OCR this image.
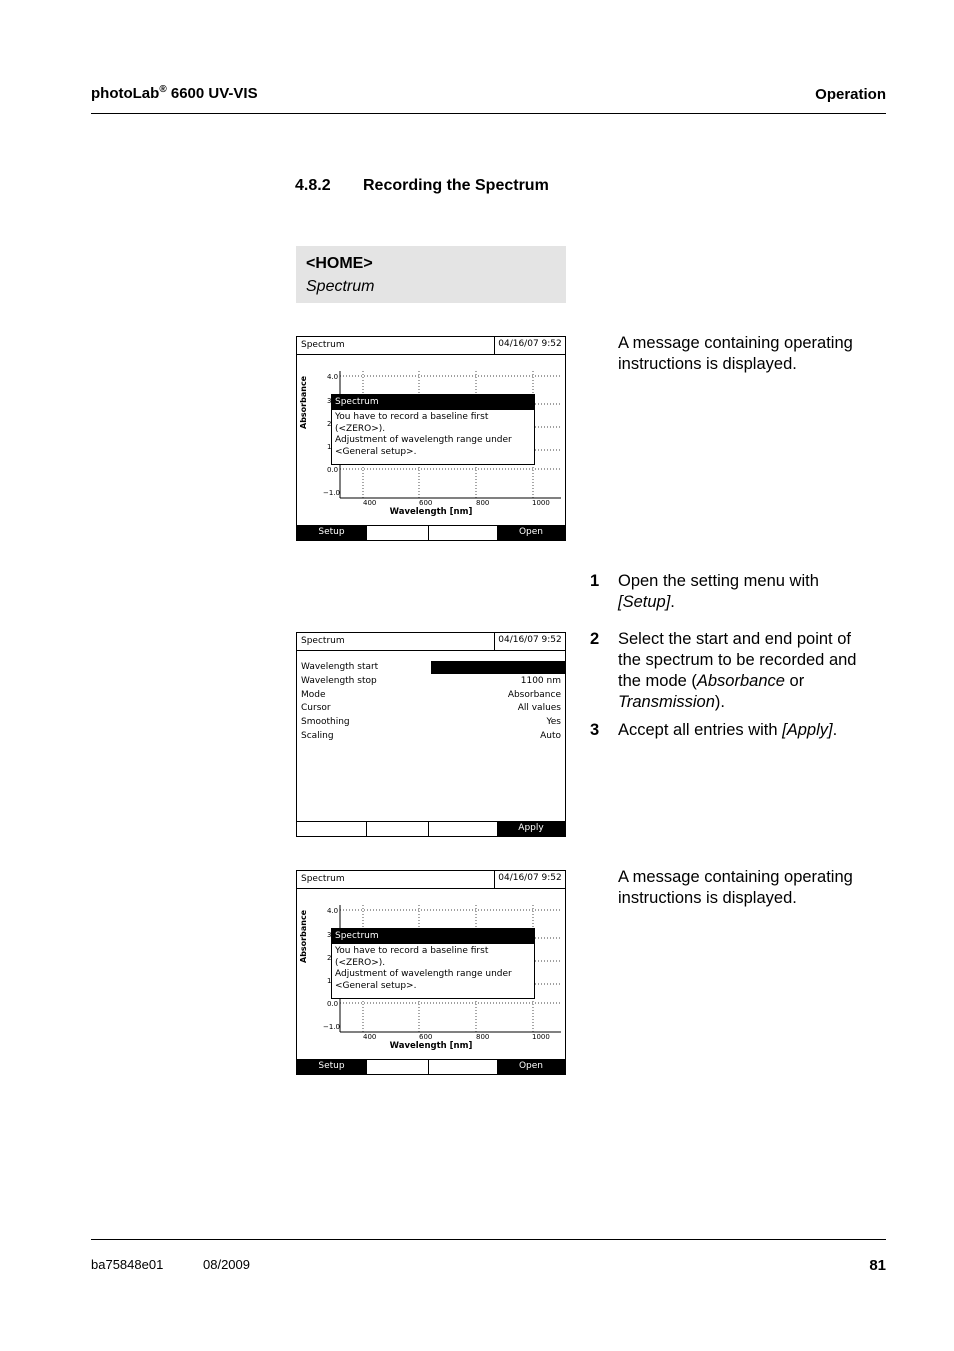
photoLab® 6600 UV-VIS	Operation
4.8.2 Recording the Spectrum
<HOME>
Spectrum
Spectrum	04/16/07 9:52
4.0
3
2
1
0.0
−1.0
400	600	800	1000
Absorbance
Wavelength [nm]
Spectrum
You have to record a baseline first
(<ZERO>).
Adjustment of wavelength range under
<General setup>.
Setup	Open
A message containing operating
instructions is displayed.
1 Open the setting menu with
[Setup].
2 Select the start and end point of
the spectrum to be recorded and
the mode (Absorbance or
Transmission).
3 Accept all entries with [Apply].
Spectrum	04/16/07 9:52
Wavelength start
Wavelength stop	1100 nm
Mode	Absorbance
Cursor	All values
Smoothing	Yes
Scaling	Auto
Apply
Spectrum	04/16/07 9:52
4.0
3
2
1
0.0
−1.0
400	600	800	1000
Absorbance
Wavelength [nm]
Spectrum
You have to record a baseline first
(<ZERO>).
Adjustment of wavelength range under
<General setup>.
Setup	Open
A message containing operating
instructions is displayed.
ba75848e01	08/2009	81
